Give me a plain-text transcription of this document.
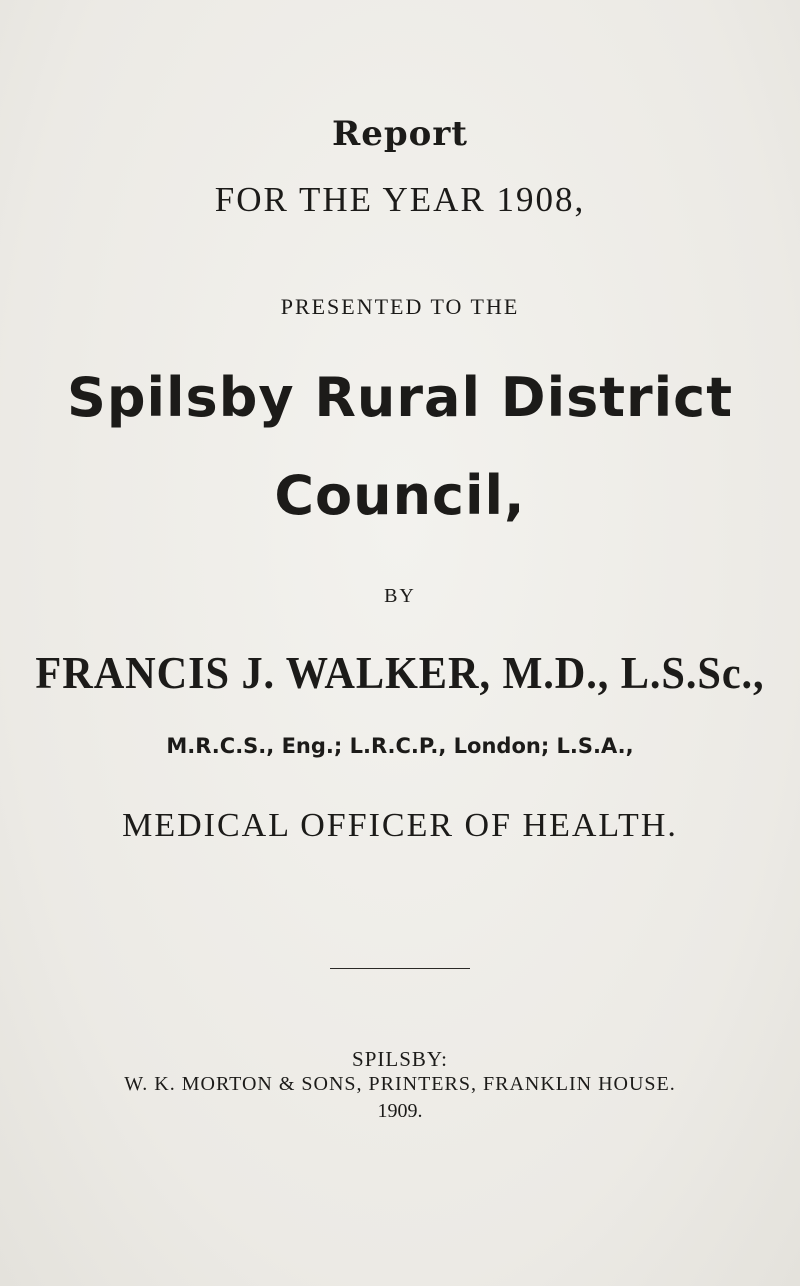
Report
FOR THE YEAR 1908,
PRESENTED TO THE
Spilsby Rural District
Council,
BY
FRANCIS J. WALKER, M.D., L.S.Sc.,
M.R.C.S., Eng.; L.R.C.P., London; L.S.A.,
MEDICAL OFFICER OF HEALTH.
SPILSBY:
W. K. MORTON & SONS, PRINTERS, FRANKLIN HOUSE.
1909.
